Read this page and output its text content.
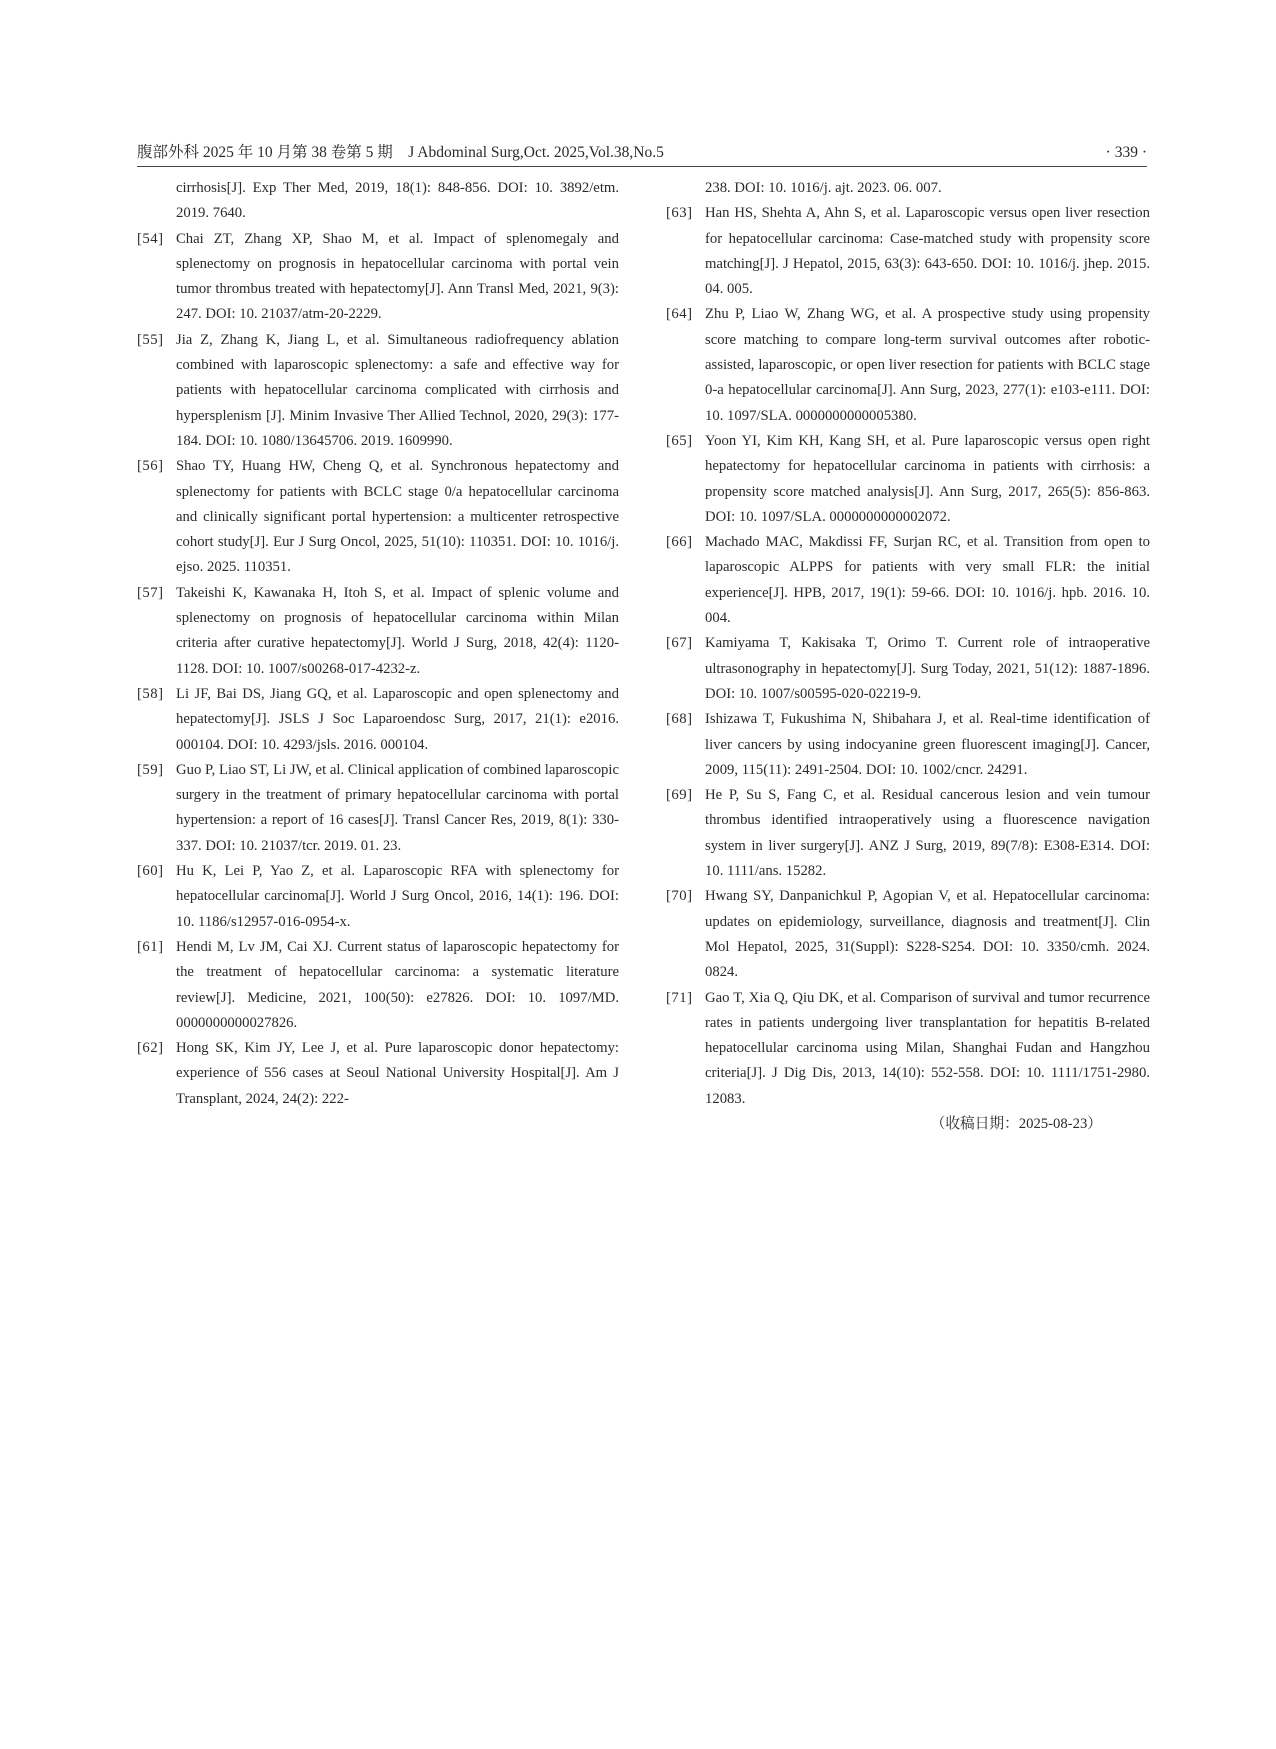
腹部外科 2025 年 10 月第 38 卷第 5 期　J Abdominal Surg,Oct. 2025,Vol.38,No.5	· 339 ·
cirrhosis[J]. Exp Ther Med, 2019, 18(1): 848-856. DOI: 10. 3892/etm. 2019. 7640.
[54] Chai ZT, Zhang XP, Shao M, et al. Impact of splenomegaly and splenectomy on prognosis in hepatocellular carcinoma with portal vein tumor thrombus treated with hepatectomy[J]. Ann Transl Med, 2021, 9(3): 247. DOI: 10. 21037/atm-20-2229.
[55] Jia Z, Zhang K, Jiang L, et al. Simultaneous radiofrequency ablation combined with laparoscopic splenectomy: a safe and effective way for patients with hepatocellular carcinoma complicated with cirrhosis and hypersplenism [J]. Minim Invasive Ther Allied Technol, 2020, 29(3): 177-184. DOI: 10. 1080/13645706. 2019. 1609990.
[56] Shao TY, Huang HW, Cheng Q, et al. Synchronous hepatectomy and splenectomy for patients with BCLC stage 0/a hepatocellular carcinoma and clinically significant portal hypertension: a multicenter retrospective cohort study[J]. Eur J Surg Oncol, 2025, 51(10): 110351. DOI: 10. 1016/j. ejso. 2025. 110351.
[57] Takeishi K, Kawanaka H, Itoh S, et al. Impact of splenic volume and splenectomy on prognosis of hepatocellular carcinoma within Milan criteria after curative hepatectomy[J]. World J Surg, 2018, 42(4): 1120-1128. DOI: 10. 1007/s00268-017-4232-z.
[58] Li JF, Bai DS, Jiang GQ, et al. Laparoscopic and open splenectomy and hepatectomy[J]. JSLS J Soc Laparoendosc Surg, 2017, 21(1): e2016. 000104. DOI: 10. 4293/jsls. 2016. 000104.
[59] Guo P, Liao ST, Li JW, et al. Clinical application of combined laparoscopic surgery in the treatment of primary hepatocellular carcinoma with portal hypertension: a report of 16 cases[J]. Transl Cancer Res, 2019, 8(1): 330-337. DOI: 10. 21037/tcr. 2019. 01. 23.
[60] Hu K, Lei P, Yao Z, et al. Laparoscopic RFA with splenectomy for hepatocellular carcinoma[J]. World J Surg Oncol, 2016, 14(1): 196. DOI: 10. 1186/s12957-016-0954-x.
[61] Hendi M, Lv JM, Cai XJ. Current status of laparoscopic hepatectomy for the treatment of hepatocellular carcinoma: a systematic literature review[J]. Medicine, 2021, 100(50): e27826. DOI: 10. 1097/MD. 0000000000027826.
[62] Hong SK, Kim JY, Lee J, et al. Pure laparoscopic donor hepatectomy: experience of 556 cases at Seoul National University Hospital[J]. Am J Transplant, 2024, 24(2): 222-
238. DOI: 10. 1016/j. ajt. 2023. 06. 007.
[63] Han HS, Shehta A, Ahn S, et al. Laparoscopic versus open liver resection for hepatocellular carcinoma: Case-matched study with propensity score matching[J]. J Hepatol, 2015, 63(3): 643-650. DOI: 10. 1016/j. jhep. 2015. 04. 005.
[64] Zhu P, Liao W, Zhang WG, et al. A prospective study using propensity score matching to compare long-term survival outcomes after robotic-assisted, laparoscopic, or open liver resection for patients with BCLC stage 0-a hepatocellular carcinoma[J]. Ann Surg, 2023, 277(1): e103-e111. DOI: 10. 1097/SLA. 0000000000005380.
[65] Yoon YI, Kim KH, Kang SH, et al. Pure laparoscopic versus open right hepatectomy for hepatocellular carcinoma in patients with cirrhosis: a propensity score matched analysis[J]. Ann Surg, 2017, 265(5): 856-863. DOI: 10. 1097/SLA. 0000000000002072.
[66] Machado MAC, Makdissi FF, Surjan RC, et al. Transition from open to laparoscopic ALPPS for patients with very small FLR: the initial experience[J]. HPB, 2017, 19(1): 59-66. DOI: 10. 1016/j. hpb. 2016. 10. 004.
[67] Kamiyama T, Kakisaka T, Orimo T. Current role of intraoperative ultrasonography in hepatectomy[J]. Surg Today, 2021, 51(12): 1887-1896. DOI: 10. 1007/s00595-020-02219-9.
[68] Ishizawa T, Fukushima N, Shibahara J, et al. Real-time identification of liver cancers by using indocyanine green fluorescent imaging[J]. Cancer, 2009, 115(11): 2491-2504. DOI: 10. 1002/cncr. 24291.
[69] He P, Su S, Fang C, et al. Residual cancerous lesion and vein tumour thrombus identified intraoperatively using a fluorescence navigation system in liver surgery[J]. ANZ J Surg, 2019, 89(7/8): E308-E314. DOI: 10. 1111/ans. 15282.
[70] Hwang SY, Danpanichkul P, Agopian V, et al. Hepatocellular carcinoma: updates on epidemiology, surveillance, diagnosis and treatment[J]. Clin Mol Hepatol, 2025, 31(Suppl): S228-S254. DOI: 10. 3350/cmh. 2024. 0824.
[71] Gao T, Xia Q, Qiu DK, et al. Comparison of survival and tumor recurrence rates in patients undergoing liver transplantation for hepatitis B-related hepatocellular carcinoma using Milan, Shanghai Fudan and Hangzhou criteria[J]. J Dig Dis, 2013, 14(10): 552-558. DOI: 10. 1111/1751-2980. 12083.
（收稿日期：2025-08-23）
